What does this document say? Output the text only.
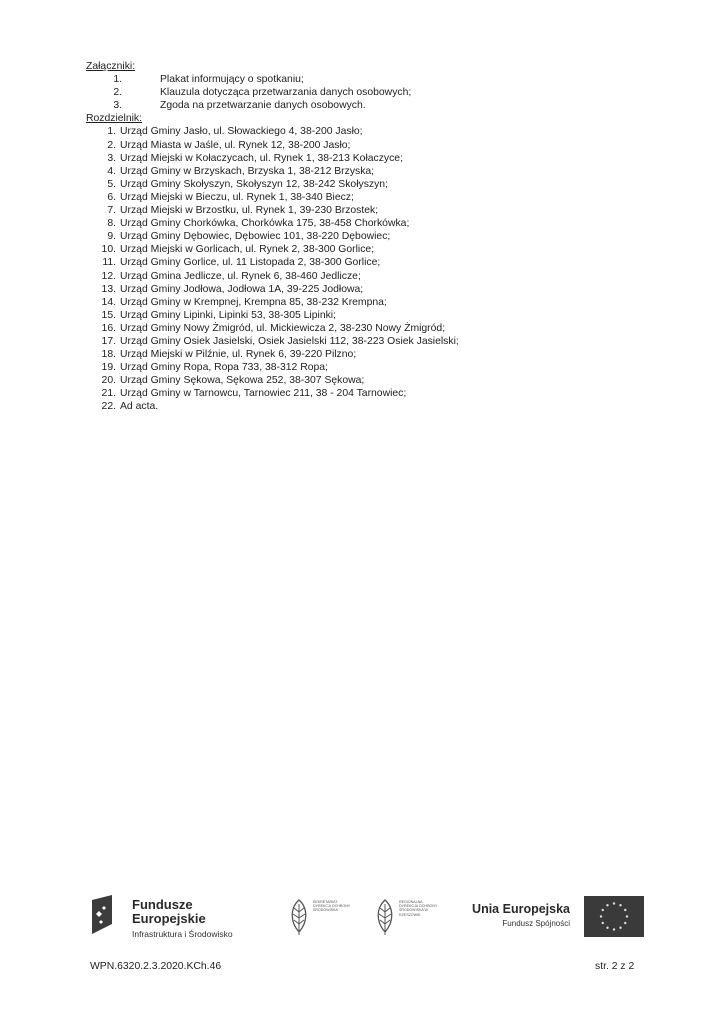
Załączniki:
1.	Plakat informujący o spotkaniu;
2.	Klauzula dotycząca przetwarzania danych osobowych;
3.	Zgoda na przetwarzanie danych osobowych.
Rozdzielnik:
1. Urząd Gminy Jasło, ul. Słowackiego 4, 38-200 Jasło;
2. Urząd Miasta w Jaśle, ul. Rynek 12, 38-200 Jasło;
3. Urząd Miejski w Kołaczycach, ul. Rynek 1, 38-213 Kołaczyce;
4. Urząd Gminy w Brzyskach, Brzyska 1, 38-212 Brzyska;
5. Urząd Gminy Skołyszyn, Skołyszyn 12, 38-242 Skołyszyn;
6. Urząd Miejski w Bieczu, ul. Rynek 1, 38-340 Biecz;
7. Urząd Miejski w Brzostku, ul. Rynek 1, 39-230 Brzostek;
8. Urząd Gminy Chorkówka, Chorkówka 175, 38-458 Chorkówka;
9. Urząd Gminy Dębowiec, Dębowiec 101, 38-220 Dębowiec;
10. Urząd Miejski w Gorlicach, ul. Rynek 2, 38-300 Gorlice;
11. Urząd Gminy Gorlice, ul. 11 Listopada 2, 38-300 Gorlice;
12. Urząd Gmina Jedlicze, ul. Rynek 6, 38-460 Jedlicze;
13. Urząd Gminy Jodłowa, Jodłowa 1A, 39-225 Jodłowa;
14. Urząd Gminy w Krempnej, Krempna 85, 38-232 Krempna;
15. Urząd Gminy Lipinki, Lipinki 53, 38-305 Lipinki;
16. Urząd Gminy Nowy Żmigród, ul. Mickiewicza 2, 38-230 Nowy Żmigród;
17. Urząd Gminy Osiek Jasielski, Osiek Jasielski 112, 38-223 Osiek Jasielski;
18. Urząd Miejski w Pilźnie, ul. Rynek 6, 39-220 Pilzno;
19. Urząd Gminy Ropa, Ropa 733, 38-312 Ropa;
20. Urząd Gminy Sękowa, Sękowa 252, 38-307 Sękowa;
21. Urząd Gminy w Tarnowcu, Tarnowiec 211, 38 - 204 Tarnowiec;
22. Ad acta.
Fundusze
Europejskie
Infrastruktura i Środowisko
SEKRETARIAT DYREKCJI OCHRONY ŚRODOWISKA
REGIONALNA DYREKCJA OCHRONY ŚRODOWISKA W RZESZOWIE	Unia Europejska
Fundusz Spójności
WPN.6320.2.3.2020.KCh.46	str. 2 z 2
